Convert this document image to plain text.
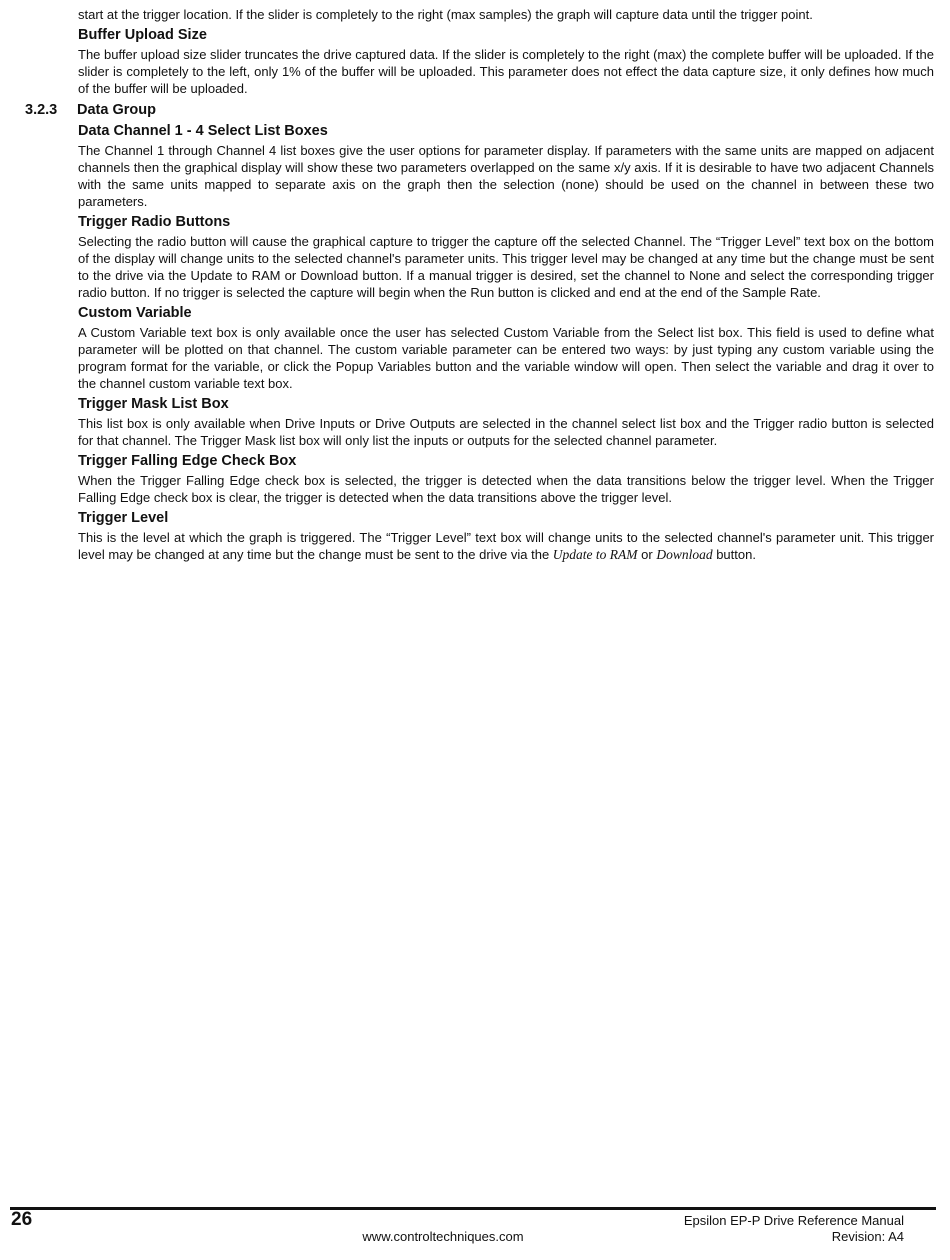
start at the trigger location. If the slider is completely to the right (max samples) the graph will capture data until the trigger point.

Buffer Upload Size

The buffer upload size slider truncates the drive captured data. If the slider is completely to the right (max) the complete buffer will be uploaded. If the slider is completely to the left, only 1% of the buffer will be uploaded. This parameter does not effect the data capture size, it only defines how much of the buffer will be uploaded.

3.2.3	Data Group
Data Channel 1 - 4 Select List Boxes

The Channel 1 through Channel 4 list boxes give the user options for parameter display. If parameters with the same units are mapped on adjacent channels then the graphical display will show these two parameters overlapped on the same x/y axis. If it is desirable to have two adjacent Channels with the same units mapped to separate axis on the graph then the selection (none) should be used on the channel in between these two parameters.

Trigger Radio Buttons

Selecting the radio button will cause the graphical capture to trigger the capture off the selected Channel. The “Trigger Level” text box on the bottom of the display will change units to the selected channel's parameter units. This trigger level may be changed at any time but the change must be sent to the drive via the Update to RAM or Download button. If a manual trigger is desired, set the channel to None and select the corresponding trigger radio button. If no trigger is selected the capture will begin when the Run button is clicked and end at the end of the Sample Rate.

Custom Variable

A Custom Variable text box is only available once the user has selected Custom Variable from the Select list box. This field is used to define what parameter will be plotted on that channel. The custom variable parameter can be entered two ways: by just typing any custom variable using the program format for the variable, or click the Popup Variables button and the variable window will open. Then select the variable and drag it over to the channel custom variable text box.

Trigger Mask List Box

This list box is only available when Drive Inputs or Drive Outputs are selected in the channel select list box and the Trigger radio button is selected for that channel. The Trigger Mask list box will only list the inputs or outputs for the selected channel parameter.

Trigger Falling Edge Check Box

When the Trigger Falling Edge check box is selected, the trigger is detected when the data transitions below the trigger level. When the Trigger Falling Edge check box is clear, the trigger is detected when the data transitions above the trigger level.

Trigger Level

This is the level at which the graph is triggered. The “Trigger Level” text box will change units to the selected channel's parameter unit. This trigger level may be changed at any time but the change must be sent to the drive via the Update to RAM or Download button.

26	Epsilon EP-P Drive Reference Manual
www.controltechniques.com	Revision: A4
